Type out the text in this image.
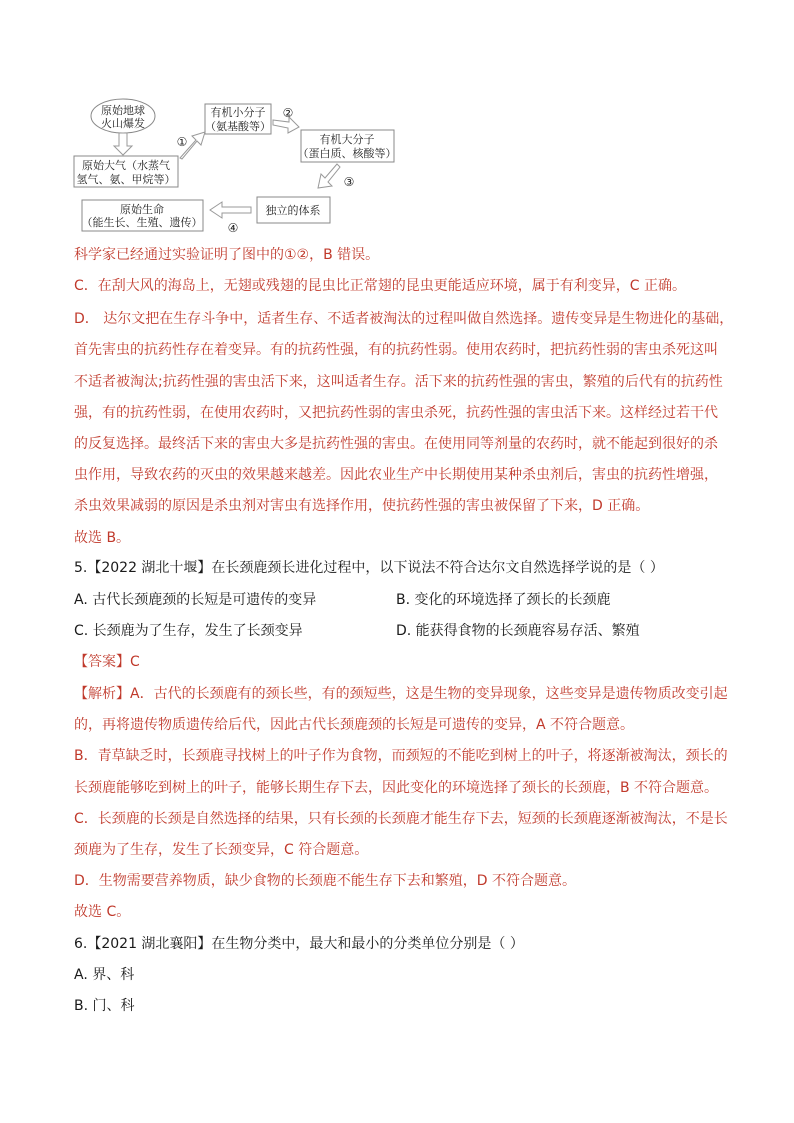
原始地球
火山爆发
有机小分子
（氨基酸等）
有机大分子
（蛋白质、核酸等）
原始大气（水蒸气
氢气、氨、甲烷等）
原始生命
（能生长、生殖、遗传）
独立的体系
①
②
③
④
科学家已经通过实验证明了图中的①②，B 错误。
C．在刮大风的海岛上，无翅或残翅的昆虫比正常翅的昆虫更能适应环境，属于有利变异，C 正确。
D． 达尔文把在生存斗争中，适者生存、不适者被淘汰的过程叫做自然选择。遗传变异是生物进化的基础，
首先害虫的抗药性存在着变异。有的抗药性强，有的抗药性弱。使用农药时，把抗药性弱的害虫杀死这叫
不适者被淘汰;抗药性强的害虫活下来，这叫适者生存。活下来的抗药性强的害虫，繁殖的后代有的抗药性
强，有的抗药性弱，在使用农药时，又把抗药性弱的害虫杀死，抗药性强的害虫活下来。这样经过若干代
的反复选择。最终活下来的害虫大多是抗药性强的害虫。在使用同等剂量的农药时，就不能起到很好的杀
虫作用，导致农药的灭虫的效果越来越差。因此农业生产中长期使用某种杀虫剂后，害虫的抗药性增强，
杀虫效果减弱的原因是杀虫剂对害虫有选择作用，使抗药性强的害虫被保留了下来，D 正确。
故选 B。
5.【2022 湖北十堰】在长颈鹿颈长进化过程中，以下说法不符合达尔文自然选择学说的是（ ）
A. 古代长颈鹿颈的长短是可遗传的变异	B. 变化的环境选择了颈长的长颈鹿
C. 长颈鹿为了生存，发生了长颈变异	D. 能获得食物的长颈鹿容易存活、繁殖
【答案】C
【解析】A．古代的长颈鹿有的颈长些，有的颈短些，这是生物的变异现象，这些变异是遗传物质改变引起
的，再将遗传物质遗传给后代，因此古代长颈鹿颈的长短是可遗传的变异，A 不符合题意。
B．青草缺乏时，长颈鹿寻找树上的叶子作为食物，而颈短的不能吃到树上的叶子，将逐渐被淘汰，颈长的
长颈鹿能够吃到树上的叶子，能够长期生存下去，因此变化的环境选择了颈长的长颈鹿，B 不符合题意。
C．长颈鹿的长颈是自然选择的结果，只有长颈的长颈鹿才能生存下去，短颈的长颈鹿逐渐被淘汰，不是长
颈鹿为了生存，发生了长颈变异，C 符合题意。
D．生物需要营养物质，缺少食物的长颈鹿不能生存下去和繁殖，D 不符合题意。
故选 C。
6.【2021 湖北襄阳】在生物分类中，最大和最小的分类单位分别是（ ）
A. 界、科
B. 门、科
